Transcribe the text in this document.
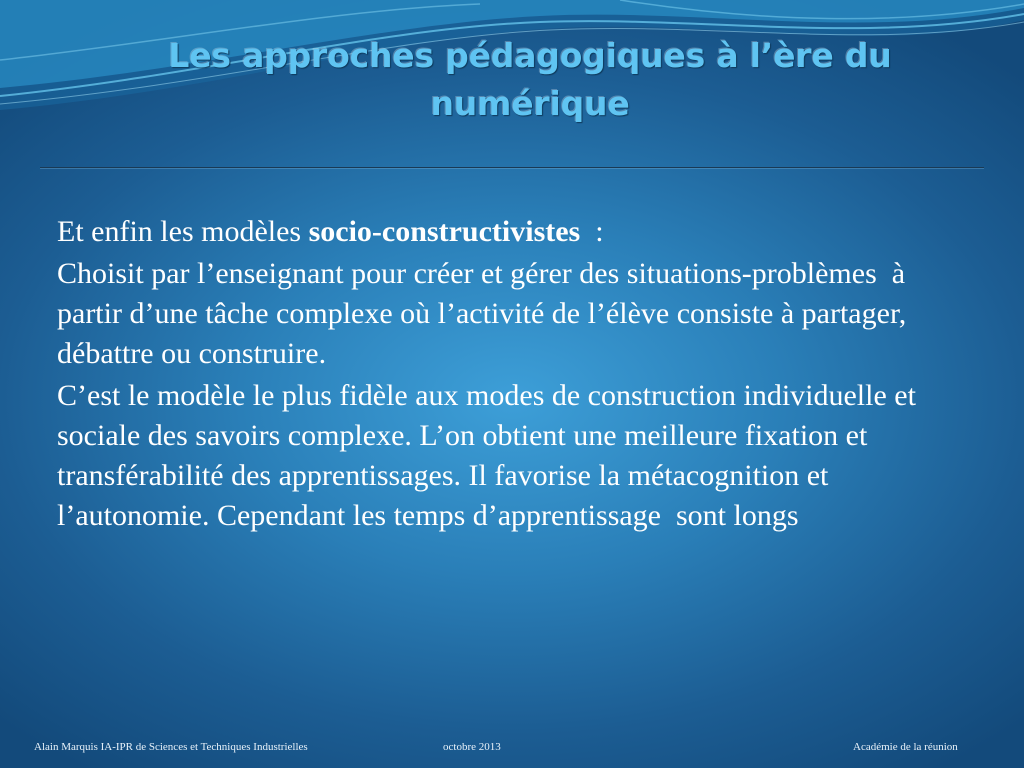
Les approches pédagogiques à l’ère du
numérique

Et enfin les modèles socio-constructivistes  :

Choisit par l’enseignant pour créer et gérer des situations-problèmes  à partir d’une tâche complexe où l’activité de l’élève consiste à partager, débattre ou construire.

C’est le modèle le plus fidèle aux modes de construction individuelle et sociale des savoirs complexe. L’on obtient une meilleure fixation et transférabilité des apprentissages. Il favorise la métacognition et l’autonomie. Cependant les temps d’apprentissage  sont longs

Alain Marquis IA-IPR de Sciences et Techniques Industrielles	octobre 2013	Académie de la réunion
